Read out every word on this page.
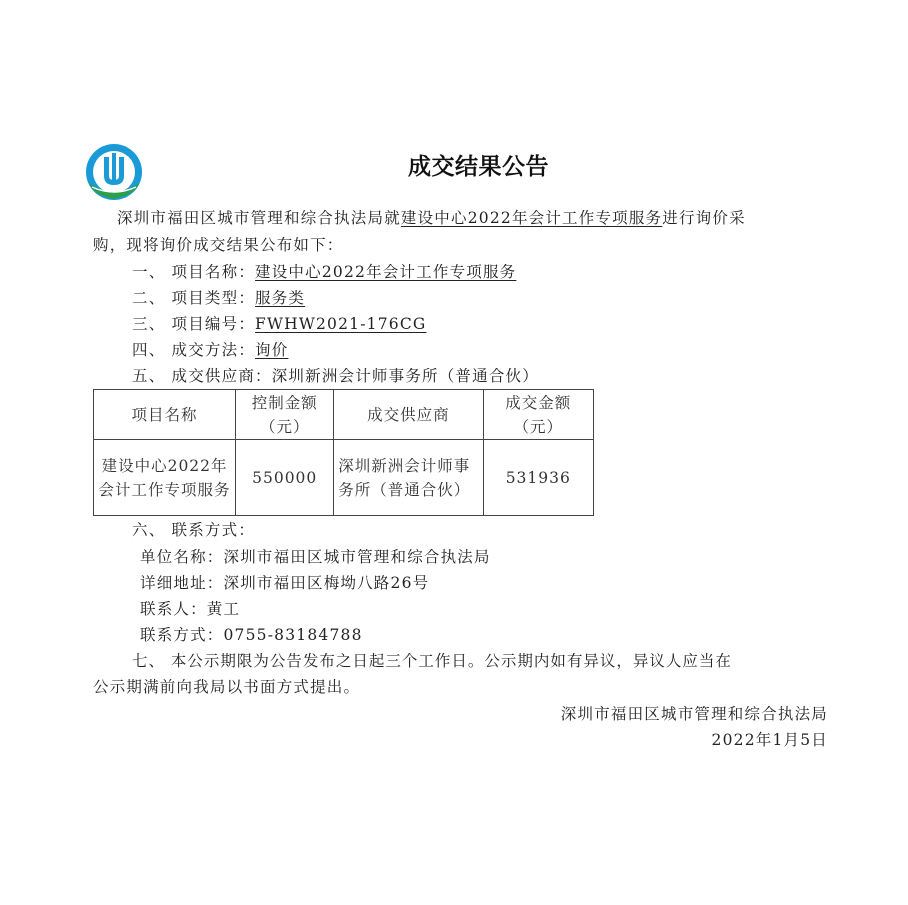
成交结果公告
深圳市福田区城市管理和综合执法局就建设中心2022年会计工作专项服务进行询价采
购，现将询价成交结果公布如下：
一、 项目名称：建设中心2022年会计工作专项服务
二、 项目类型：服务类
三、 项目编号：FWHW2021-176CG
四、 成交方法：询价
五、 成交供应商：深圳新洲会计师事务所（普通合伙）
项目名称	控制金额（元）	成交供应商	成交金额（元）
建设中心2022年会计工作专项服务	550000	深圳新洲会计师事务所（普通合伙）	531936
六、 联系方式：
单位名称：深圳市福田区城市管理和综合执法局
详细地址：深圳市福田区梅坳八路26号
联系人：黄工
联系方式：0755-83184788
七、 本公示期限为公告发布之日起三个工作日。公示期内如有异议，异议人应当在
公示期满前向我局以书面方式提出。
深圳市福田区城市管理和综合执法局
2022年1月5日
